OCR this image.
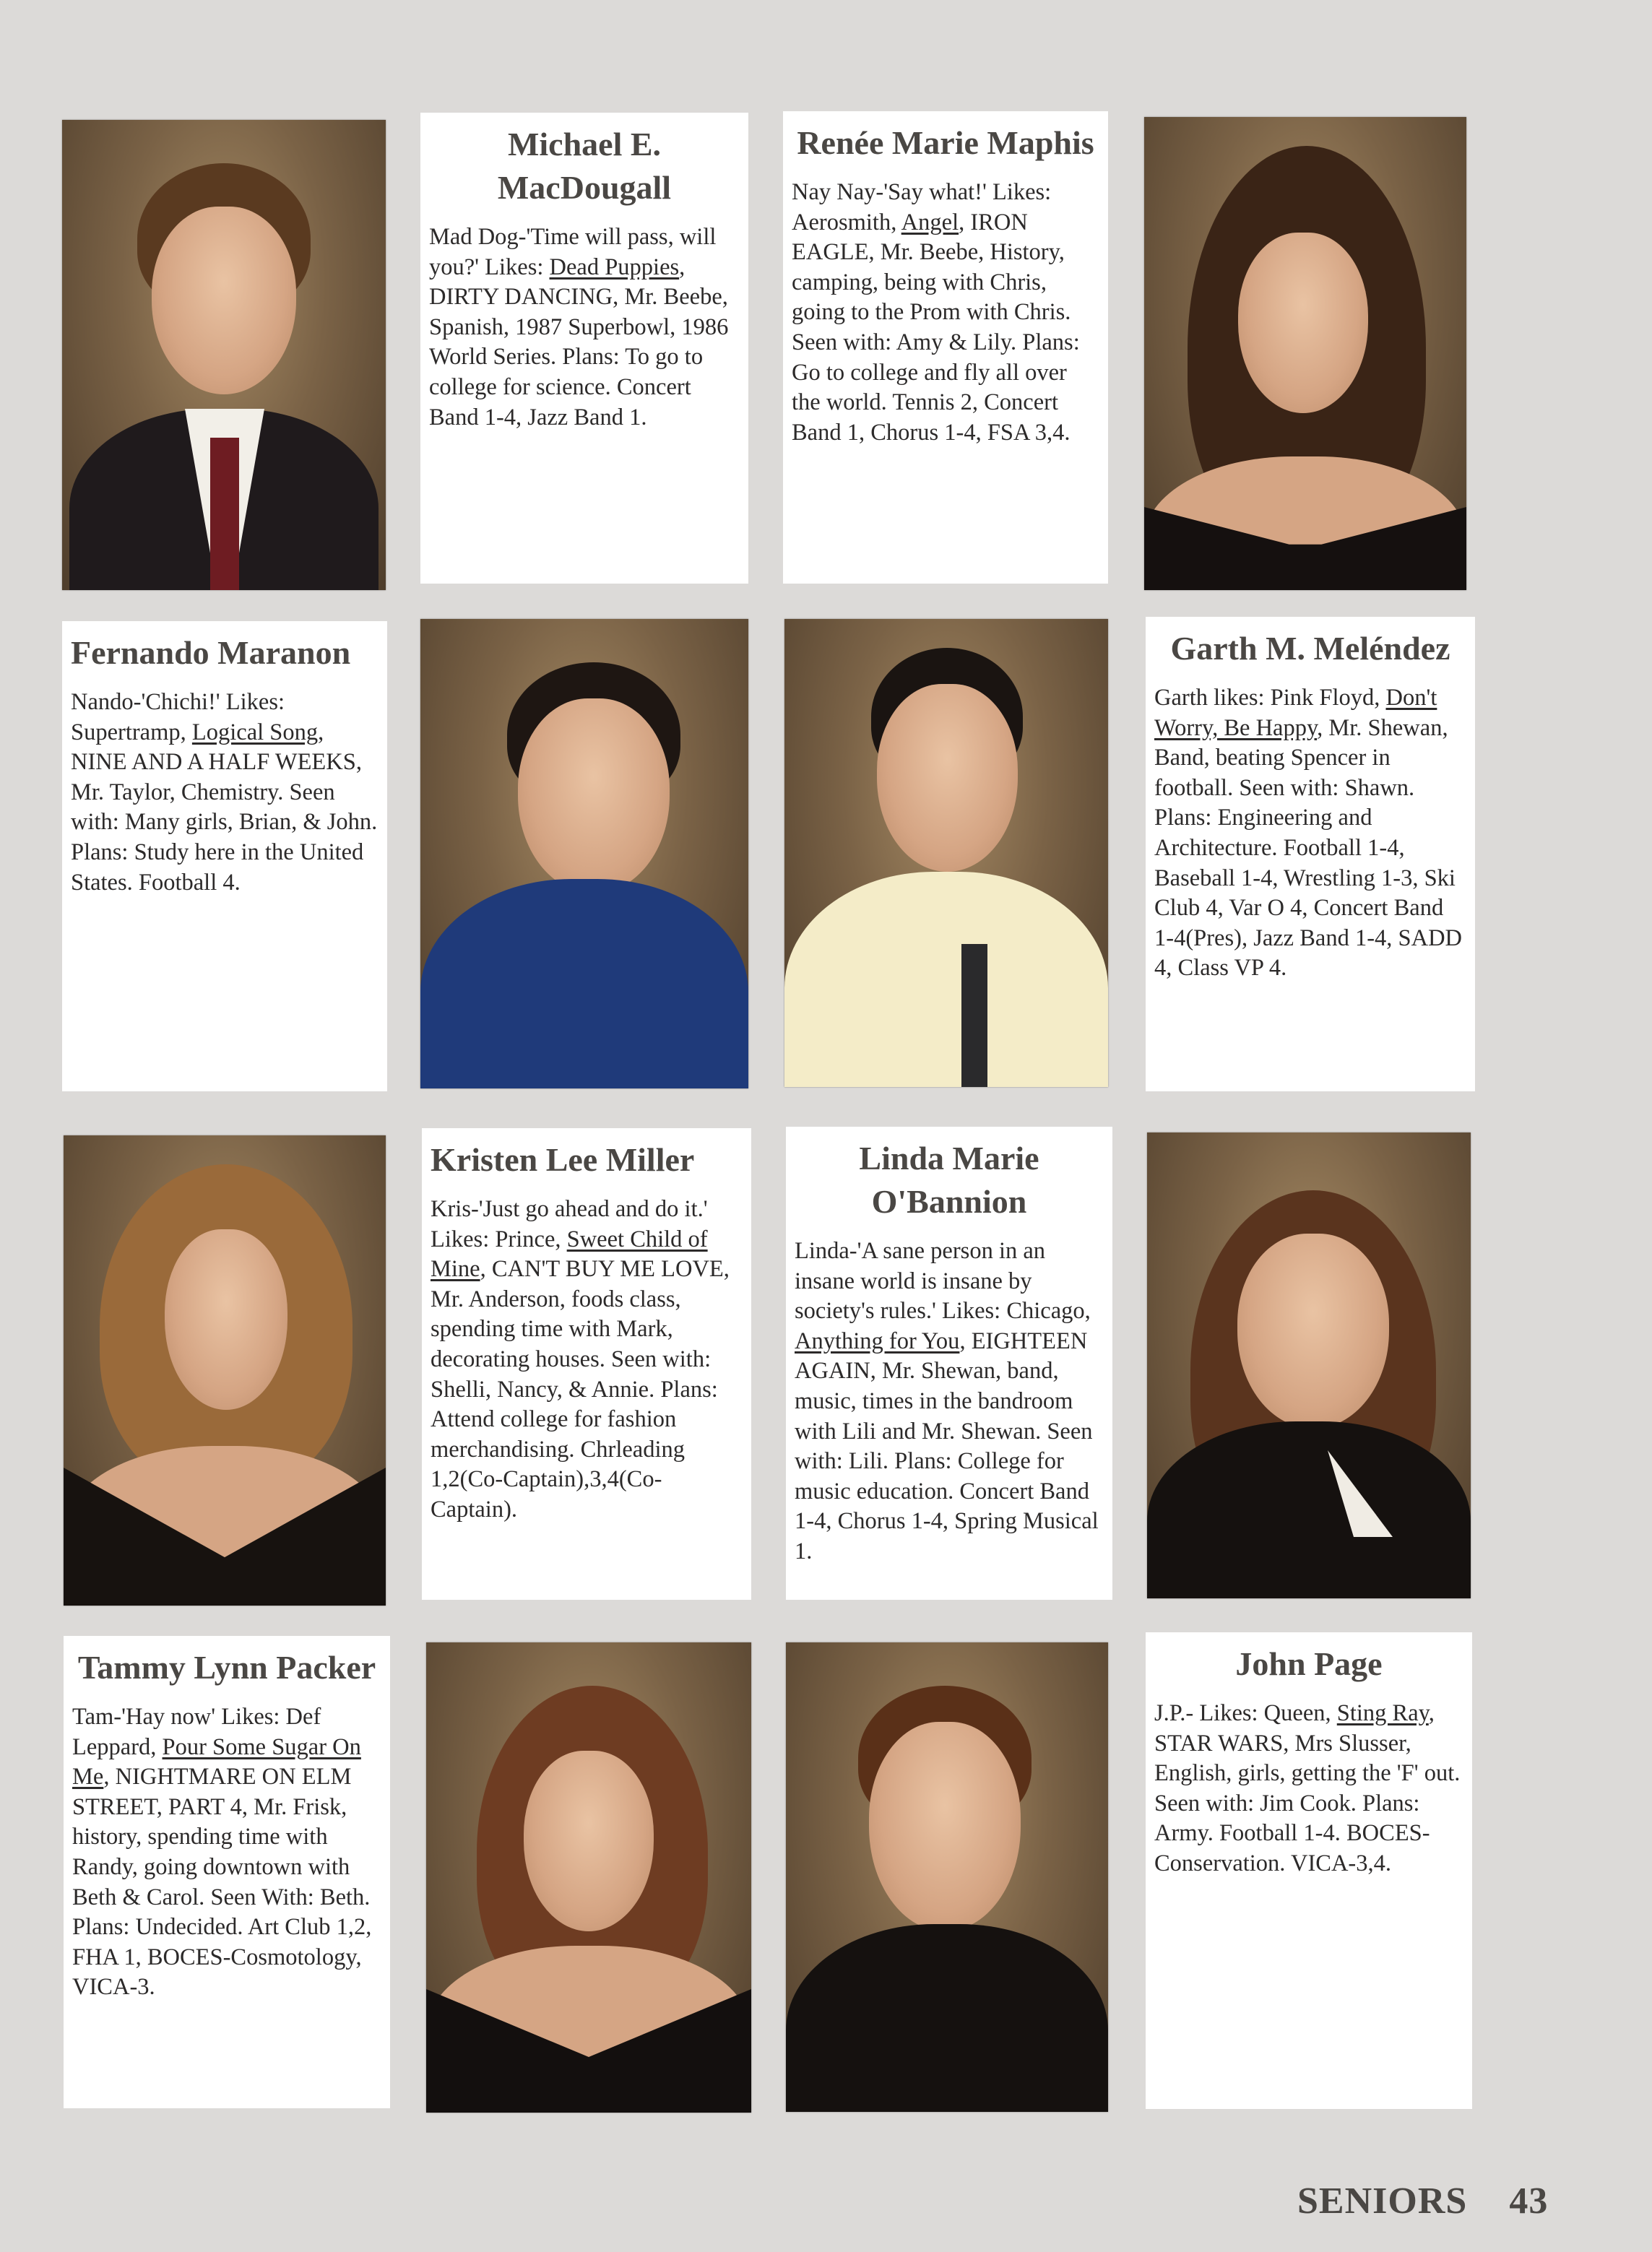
Michael E. MacDougall

Mad Dog-'Time will pass, will you?' Likes: Dead Puppies, DIRTY DANCING, Mr. Beebe, Spanish, 1987 Superbowl, 1986 World Series. Plans: To go to college for science. Concert Band 1-4, Jazz Band 1.

Renée Marie Maphis

Nay Nay-'Say what!' Likes: Aerosmith, Angel, IRON EAGLE, Mr. Beebe, History, camping, being with Chris, going to the Prom with Chris. Seen with: Amy & Lily. Plans: Go to college and fly all over the world. Tennis 2, Concert Band 1, Chorus 1-4, FSA 3,4.

Fernando Maranon

Nando-'Chichi!' Likes: Supertramp, Logical Song, NINE AND A HALF WEEKS, Mr. Taylor, Chemistry. Seen with: Many girls, Brian, & John. Plans: Study here in the United States. Football 4.

Garth M. Meléndez

Garth likes: Pink Floyd, Don't Worry, Be Happy, Mr. Shewan, Band, beating Spencer in football. Seen with: Shawn. Plans: Engineering and Architecture. Football 1-4, Baseball 1-4, Wrestling 1-3, Ski Club 4, Var O 4, Concert Band 1-4(Pres), Jazz Band 1-4, SADD 4, Class VP 4.

Kristen Lee Miller

Kris-'Just go ahead and do it.' Likes: Prince, Sweet Child of Mine, CAN'T BUY ME LOVE, Mr. Anderson, foods class, spending time with Mark, decorating houses. Seen with: Shelli, Nancy, & Annie. Plans: Attend college for fashion merchandising. Chrleading 1,2(Co-Captain),3,4(Co-Captain).

Linda Marie O'Bannion

Linda-'A sane person in an insane world is insane by society's rules.' Likes: Chicago, Anything for You, EIGHTEEN AGAIN, Mr. Shewan, band, music, times in the bandroom with Lili and Mr. Shewan. Seen with: Lili. Plans: College for music education. Concert Band 1-4, Chorus 1-4, Spring Musical 1.

Tammy Lynn Packer

Tam-'Hay now' Likes: Def Leppard, Pour Some Sugar On Me, NIGHTMARE ON ELM STREET, PART 4, Mr. Frisk, history, spending time with Randy, going downtown with Beth & Carol. Seen With: Beth. Plans: Undecided. Art Club 1,2, FHA 1, BOCES-Cosmotology, VICA-3.

John Page

J.P.- Likes: Queen, Sting Ray, STAR WARS, Mrs Slusser, English, girls, getting the 'F' out. Seen with: Jim Cook. Plans: Army. Football 1-4. BOCES-Conservation. VICA-3,4.

SENIORS 43
